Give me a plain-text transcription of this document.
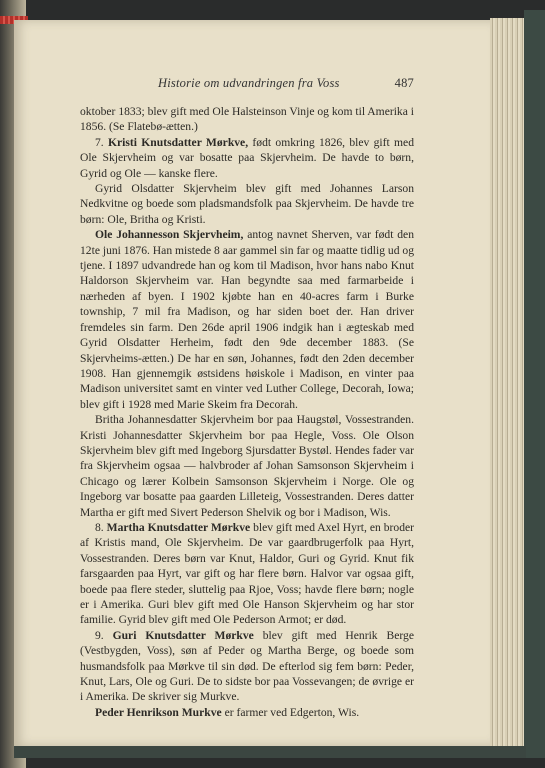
Historie om udvandringen fra Voss	487

oktober 1833; blev gift med Ole Halsteinson Vinje og kom til Amerika i 1856. (Se Flatebø-ætten.)

7. Kristi Knutsdatter Mørkve, født omkring 1826, blev gift med Ole Skjervheim og var bosatte paa Skjervheim. De havde to børn, Gyrid og Ole — kanske flere.

Gyrid Olsdatter Skjervheim blev gift med Johannes Larson Nedkvitne og boede som pladsmandsfolk paa Skjervheim. De havde tre børn: Ole, Britha og Kristi.

Ole Johannesson Skjervheim, antog navnet Sherven, var født den 12te juni 1876. Han mistede 8 aar gammel sin far og maatte tidlig ud og tjene. I 1897 udvandrede han og kom til Madison, hvor hans nabo Knut Haldorson Skjervheim var. Han begyndte saa med farmarbeide i nærheden af byen. I 1902 kjøbte han en 40-acres farm i Burke township, 7 mil fra Madison, og har siden boet der. Han driver fremdeles sin farm. Den 26de april 1906 indgik han i ægteskab med Gyrid Olsdatter Herheim, født den 9de december 1883. (Se Skjervheims-ætten.) De har en søn, Johannes, født den 2den december 1908. Han gjennemgik østsidens høiskole i Madison, en vinter paa Madison universitet samt en vinter ved Luther College, Decorah, Iowa; blev gift i 1928 med Marie Skeim fra Decorah.

Britha Johannesdatter Skjervheim bor paa Haugstøl, Vossestranden. Kristi Johannesdatter Skjervheim bor paa Hegle, Voss. Ole Olson Skjervheim blev gift med Ingeborg Sjursdatter Bystøl. Hendes fader var fra Skjervheim ogsaa — halvbroder af Johan Samsonson Skjervheim i Chicago og lærer Kolbein Samsonson Skjervheim i Norge. Ole og Ingeborg var bosatte paa gaarden Lilleteig, Vossestranden. Deres datter Martha er gift med Sivert Pederson Shelvik og bor i Madison, Wis.

8. Martha Knutsdatter Mørkve blev gift med Axel Hyrt, en broder af Kristis mand, Ole Skjervheim. De var gaardbrugerfolk paa Hyrt, Vossestranden. Deres børn var Knut, Haldor, Guri og Gyrid. Knut fik farsgaarden paa Hyrt, var gift og har flere børn. Halvor var ogsaa gift, boede paa flere steder, sluttelig paa Rjoe, Voss; havde flere børn; nogle er i Amerika. Guri blev gift med Ole Hanson Skjervheim og har stor familie. Gyrid blev gift med Ole Pederson Armot; er død.

9. Guri Knutsdatter Mørkve blev gift med Henrik Berge (Vestbygden, Voss), søn af Peder og Martha Berge, og boede som husmandsfolk paa Mørkve til sin død. De efterlod sig fem børn: Peder, Knut, Lars, Ole og Guri. De to sidste bor paa Vossevangen; de øvrige er i Amerika. De skriver sig Murkve.

Peder Henrikson Murkve er farmer ved Edgerton, Wis.
